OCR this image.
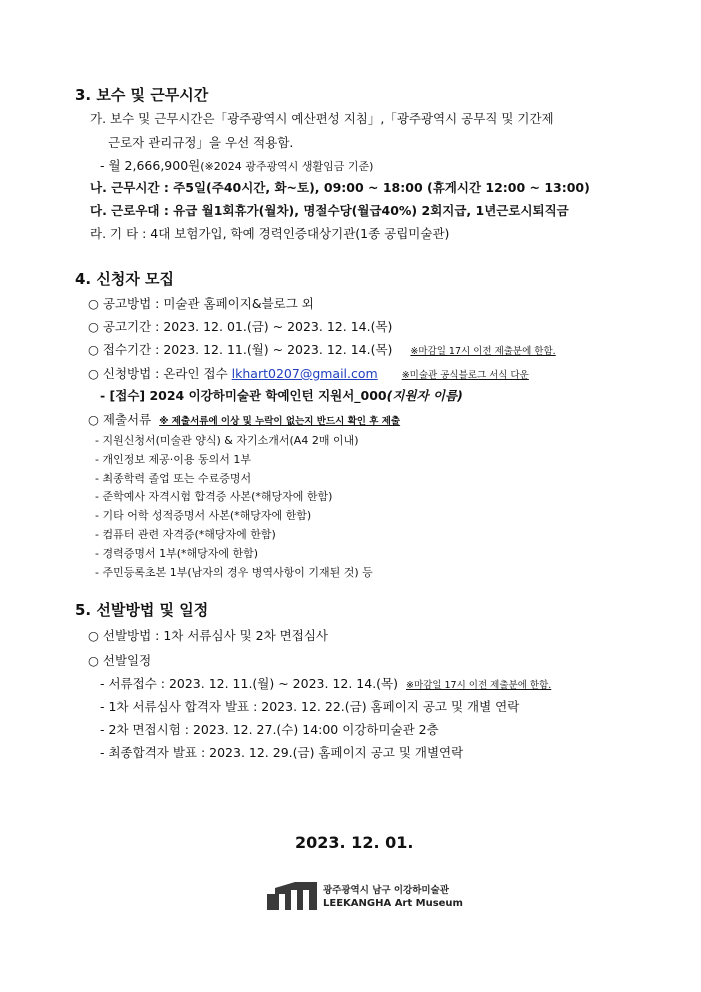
3. 보수 및 근무시간
가. 보수 및 근무시간은「광주광역시 예산편성 지침」,「광주광역시 공무직 및 기간제
근로자 관리규정」을 우선 적용함.
- 월 2,666,900원(※2024 광주광역시 생활임금 기준)
나. 근무시간 : 주5일(주40시간, 화~토), 09:00 ~ 18:00 (휴게시간 12:00 ~ 13:00)
다. 근로우대 : 유급 월1회휴가(월차), 명절수당(월급40%) 2회지급, 1년근로시퇴직금
라. 기 타 : 4대 보험가입, 학예 경력인증대상기관(1종 공립미술관)
4. 신청자 모집
○ 공고방법 : 미술관 홈페이지&블로그 외
○ 공고기간 : 2023. 12. 01.(금) ~ 2023. 12. 14.(목)
○ 접수기간 : 2023. 12. 11.(월) ~ 2023. 12. 14.(목) ※마감일 17시 이전 제출분에 한함.
○ 신청방법 : 온라인 접수 lkhart0207@gmail.com	※미술관 공식블로그 서식 다운
- [접수] 2024 이강하미술관 학예인턴 지원서_000(지원자 이름)
○ 제출서류 ※ 제출서류에 이상 및 누락이 없는지 반드시 확인 후 제출
- 지원신청서(미술관 양식) & 자기소개서(A4 2매 이내)
- 개인정보 제공·이용 동의서 1부
- 최종학력 졸업 또는 수료증명서
- 준학예사 자격시험 합격증 사본(*해당자에 한함)
- 기타 어학 성적증명서 사본(*해당자에 한함)
- 컴퓨터 관련 자격증(*해당자에 한함)
- 경력증명서 1부(*해당자에 한함)
- 주민등록초본 1부(남자의 경우 병역사항이 기재된 것) 등
5. 선발방법 및 일정
○ 선발방법 : 1차 서류심사 및 2차 면접심사
○ 선발일정
- 서류접수 : 2023. 12. 11.(월) ~ 2023. 12. 14.(목) ※마감일 17시 이전 제출분에 한함.
- 1차 서류심사 합격자 발표 : 2023. 12. 22.(금) 홈페이지 공고 및 개별 연락
- 2차 면접시험 : 2023. 12. 27.(수) 14:00 이강하미술관 2층
- 최종합격자 발표 : 2023. 12. 29.(금) 홈페이지 공고 및 개별연락
2023. 12. 01.
광주광역시 남구 이강하미술관
LEEKANGHA Art Museum
